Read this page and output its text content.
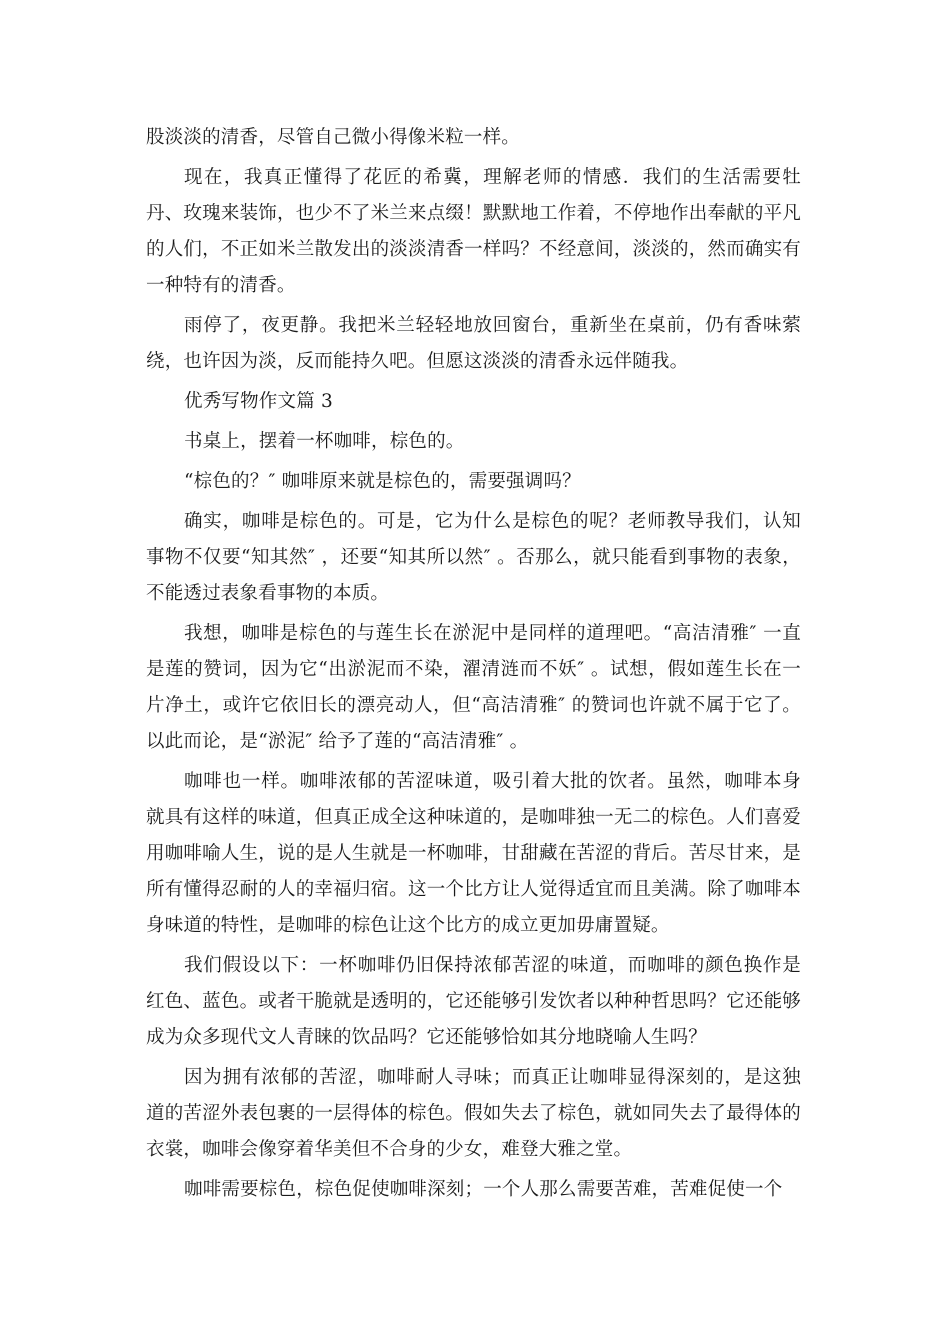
股淡淡的清香，尽管自己微小得像米粒一样。

现在，我真正懂得了花匠的希冀，理解老师的情感．我们的生活需要牡丹、玫瑰来装饰，也少不了米兰来点缀！默默地工作着，不停地作出奉献的平凡的人们，不正如米兰散发出的淡淡清香一样吗？不经意间，淡淡的，然而确实有一种特有的清香。

雨停了，夜更静。我把米兰轻轻地放回窗台，重新坐在桌前，仍有香味萦绕，也许因为淡，反而能持久吧。但愿这淡淡的清香永远伴随我。

优秀写物作文篇 3

书桌上，摆着一杯咖啡，棕色的。

“棕色的？″ 咖啡原来就是棕色的，需要强调吗？

确实，咖啡是棕色的。可是，它为什么是棕色的呢？老师教导我们，认知事物不仅要“知其然″ ，还要“知其所以然″ 。否那么，就只能看到事物的表象，不能透过表象看事物的本质。

我想，咖啡是棕色的与莲生长在淤泥中是同样的道理吧。“高洁清雅″ 一直是莲的赞词，因为它“出淤泥而不染，濯清涟而不妖″ 。试想，假如莲生长在一片净土，或许它依旧长的漂亮动人，但“高洁清雅″ 的赞词也许就不属于它了。以此而论，是“淤泥″ 给予了莲的“高洁清雅″ 。

咖啡也一样。咖啡浓郁的苦涩味道，吸引着大批的饮者。虽然，咖啡本身就具有这样的味道，但真正成全这种味道的，是咖啡独一无二的棕色。人们喜爱用咖啡喻人生，说的是人生就是一杯咖啡，甘甜藏在苦涩的背后。苦尽甘来，是所有懂得忍耐的人的幸福归宿。这一个比方让人觉得适宜而且美满。除了咖啡本身味道的特性，是咖啡的棕色让这个比方的成立更加毋庸置疑。

我们假设以下：一杯咖啡仍旧保持浓郁苦涩的味道，而咖啡的颜色换作是红色、蓝色。或者干脆就是透明的，它还能够引发饮者以种种哲思吗？它还能够成为众多现代文人青睐的饮品吗？它还能够恰如其分地晓喻人生吗？

因为拥有浓郁的苦涩，咖啡耐人寻味；而真正让咖啡显得深刻的，是这独道的苦涩外表包裹的一层得体的棕色。假如失去了棕色，就如同失去了最得体的衣裳，咖啡会像穿着华美但不合身的少女，难登大雅之堂。

咖啡需要棕色，棕色促使咖啡深刻；一个人那么需要苦难，苦难促使一个
